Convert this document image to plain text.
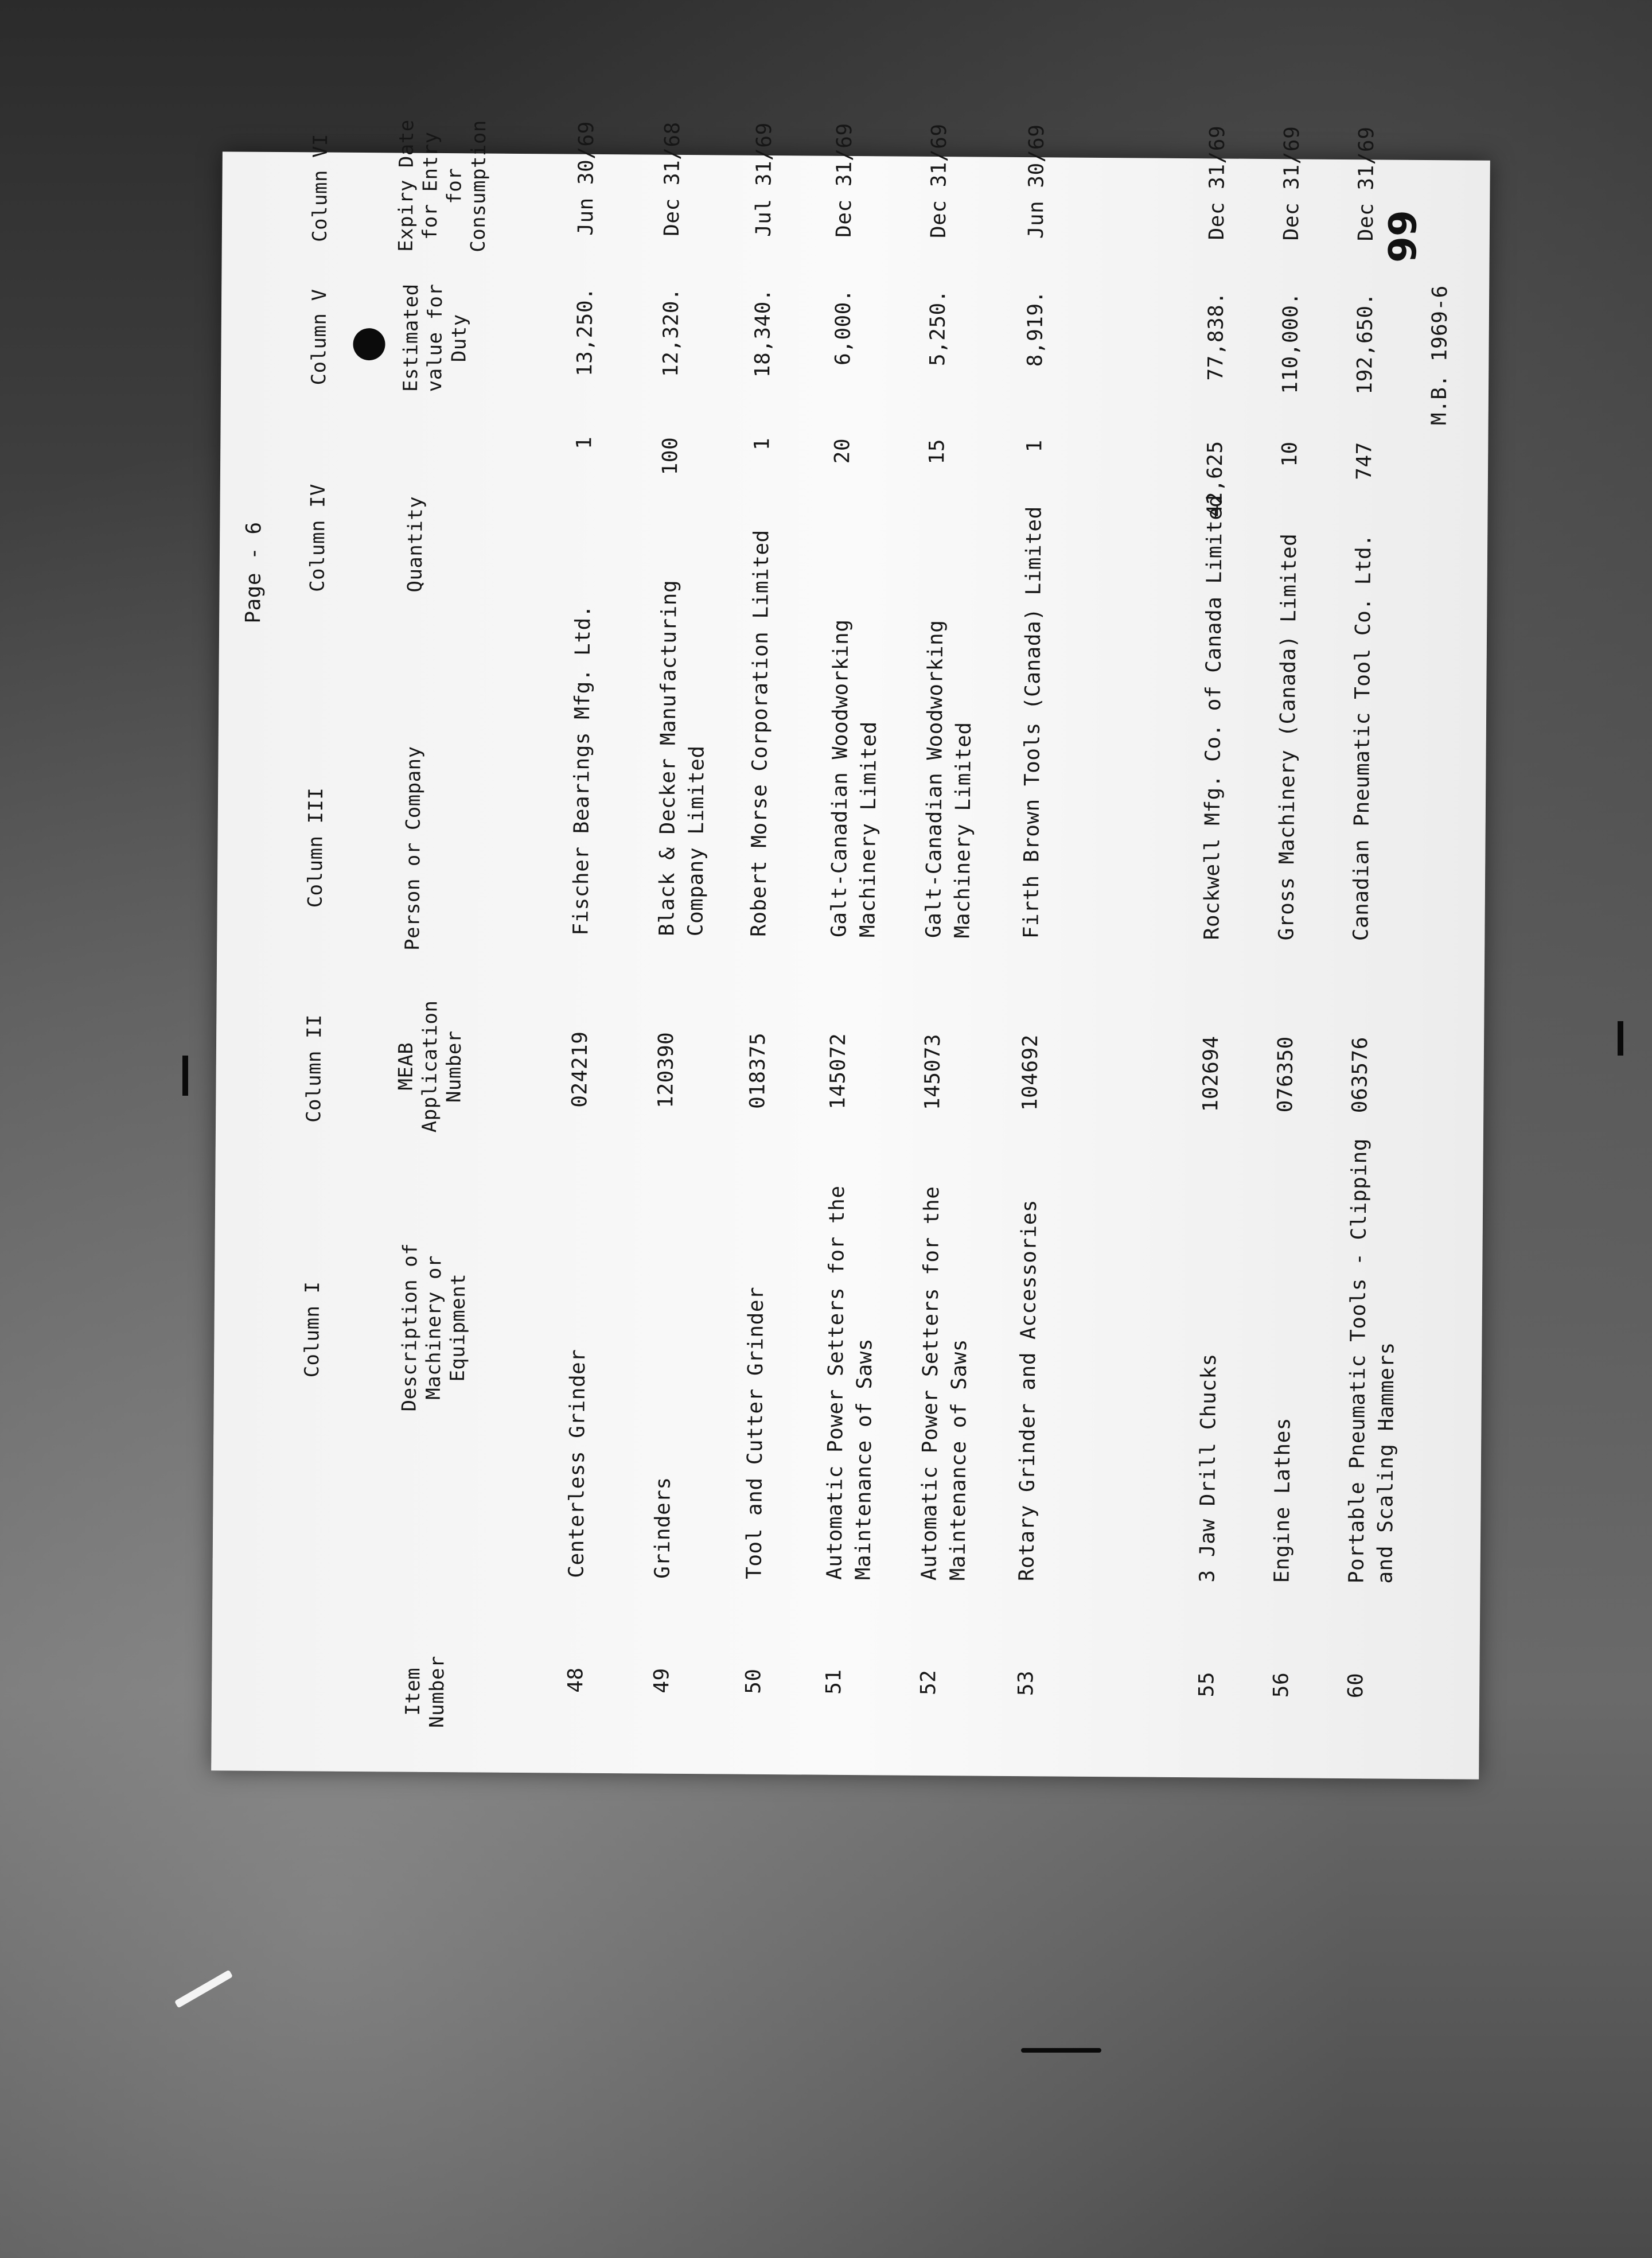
Page - 6
Column I
Column II
Column III
Column IV
Column V
Column VI
Item Number
Description of Machinery or Equipment
MEAB Application Number
Person or Company
Quantity
Estimated value for Duty
Expiry Date for Entry for Consumption
48
Centerless Grinder
024219
Fischer Bearings Mfg. Ltd.
1
13,250.
Jun 30/69
49
Grinders
120390
Black & Decker Manufacturing Company Limited
100
12,320.
Dec 31/68
50
Tool and Cutter Grinder
018375
Robert Morse Corporation Limited
1
18,340.
Jul 31/69
51
Automatic Power Setters for the Maintenance of Saws
145072
Galt-Canadian Woodworking Machinery Limited
20
6,000.
Dec 31/69
52
Automatic Power Setters for the Maintenance of Saws
145073
Galt-Canadian Woodworking Machinery Limited
15
5,250.
Dec 31/69
53
Rotary Grinder and Accessories
104692
Firth Brown Tools (Canada) Limited
1
8,919.
Jun 30/69
55
3 Jaw Drill Chucks
102694
Rockwell Mfg. Co. of Canada Limited
42,625
77,838.
Dec 31/69
56
Engine Lathes
076350
Gross Machinery (Canada) Limited
10
110,000.
Dec 31/69
60
Portable Pneumatic Tools - Clipping and Scaling Hammers
063576
Canadian Pneumatic Tool Co. Ltd.
747
192,650.
Dec 31/69
M.B. 1969-6
66
